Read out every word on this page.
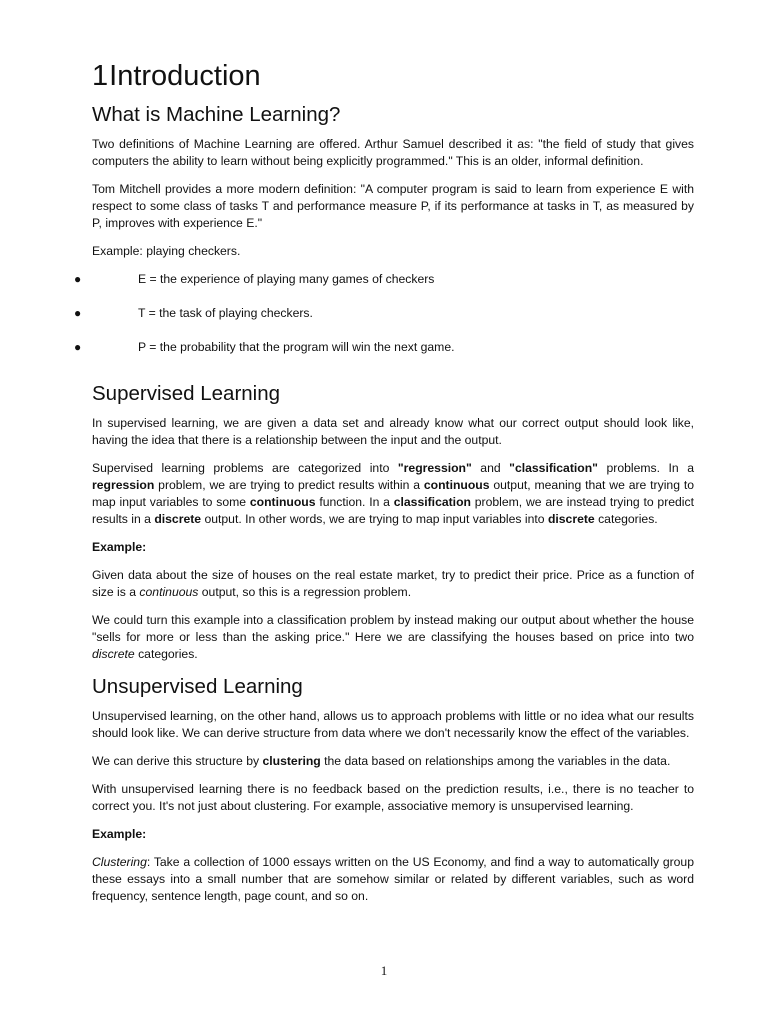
1Introduction
What is Machine Learning?

Two definitions of Machine Learning are offered. Arthur Samuel described it as: "the field of study that gives computers the ability to learn without being explicitly programmed." This is an older, informal definition.

Tom Mitchell provides a more modern definition: "A computer program is said to learn from experience E with respect to some class of tasks T and performance measure P, if its performance at tasks in T, as measured by P, improves with experience E."

Example: playing checkers.

●	E = the experience of playing many games of checkers
●	T = the task of playing checkers.
●	P = the probability that the program will win the next game.
Supervised Learning

In supervised learning, we are given a data set and already know what our correct output should look like, having the idea that there is a relationship between the input and the output.

Supervised learning problems are categorized into "regression" and "classification" problems. In a regression problem, we are trying to predict results within a continuous output, meaning that we are trying to map input variables to some continuous function. In a classification problem, we are instead trying to predict results in a discrete output. In other words, we are trying to map input variables into discrete categories.

Example:

Given data about the size of houses on the real estate market, try to predict their price. Price as a function of size is a continuous output, so this is a regression problem.

We could turn this example into a classification problem by instead making our output about whether the house "sells for more or less than the asking price." Here we are classifying the houses based on price into two discrete categories.

Unsupervised Learning

Unsupervised learning, on the other hand, allows us to approach problems with little or no idea what our results should look like. We can derive structure from data where we don't necessarily know the effect of the variables.

We can derive this structure by clustering the data based on relationships among the variables in the data.

With unsupervised learning there is no feedback based on the prediction results, i.e., there is no teacher to correct you. It's not just about clustering. For example, associative memory is unsupervised learning.

Example:

Clustering: Take a collection of 1000 essays written on the US Economy, and find a way to automatically group these essays into a small number that are somehow similar or related by different variables, such as word frequency, sentence length, page count, and so on.

1
